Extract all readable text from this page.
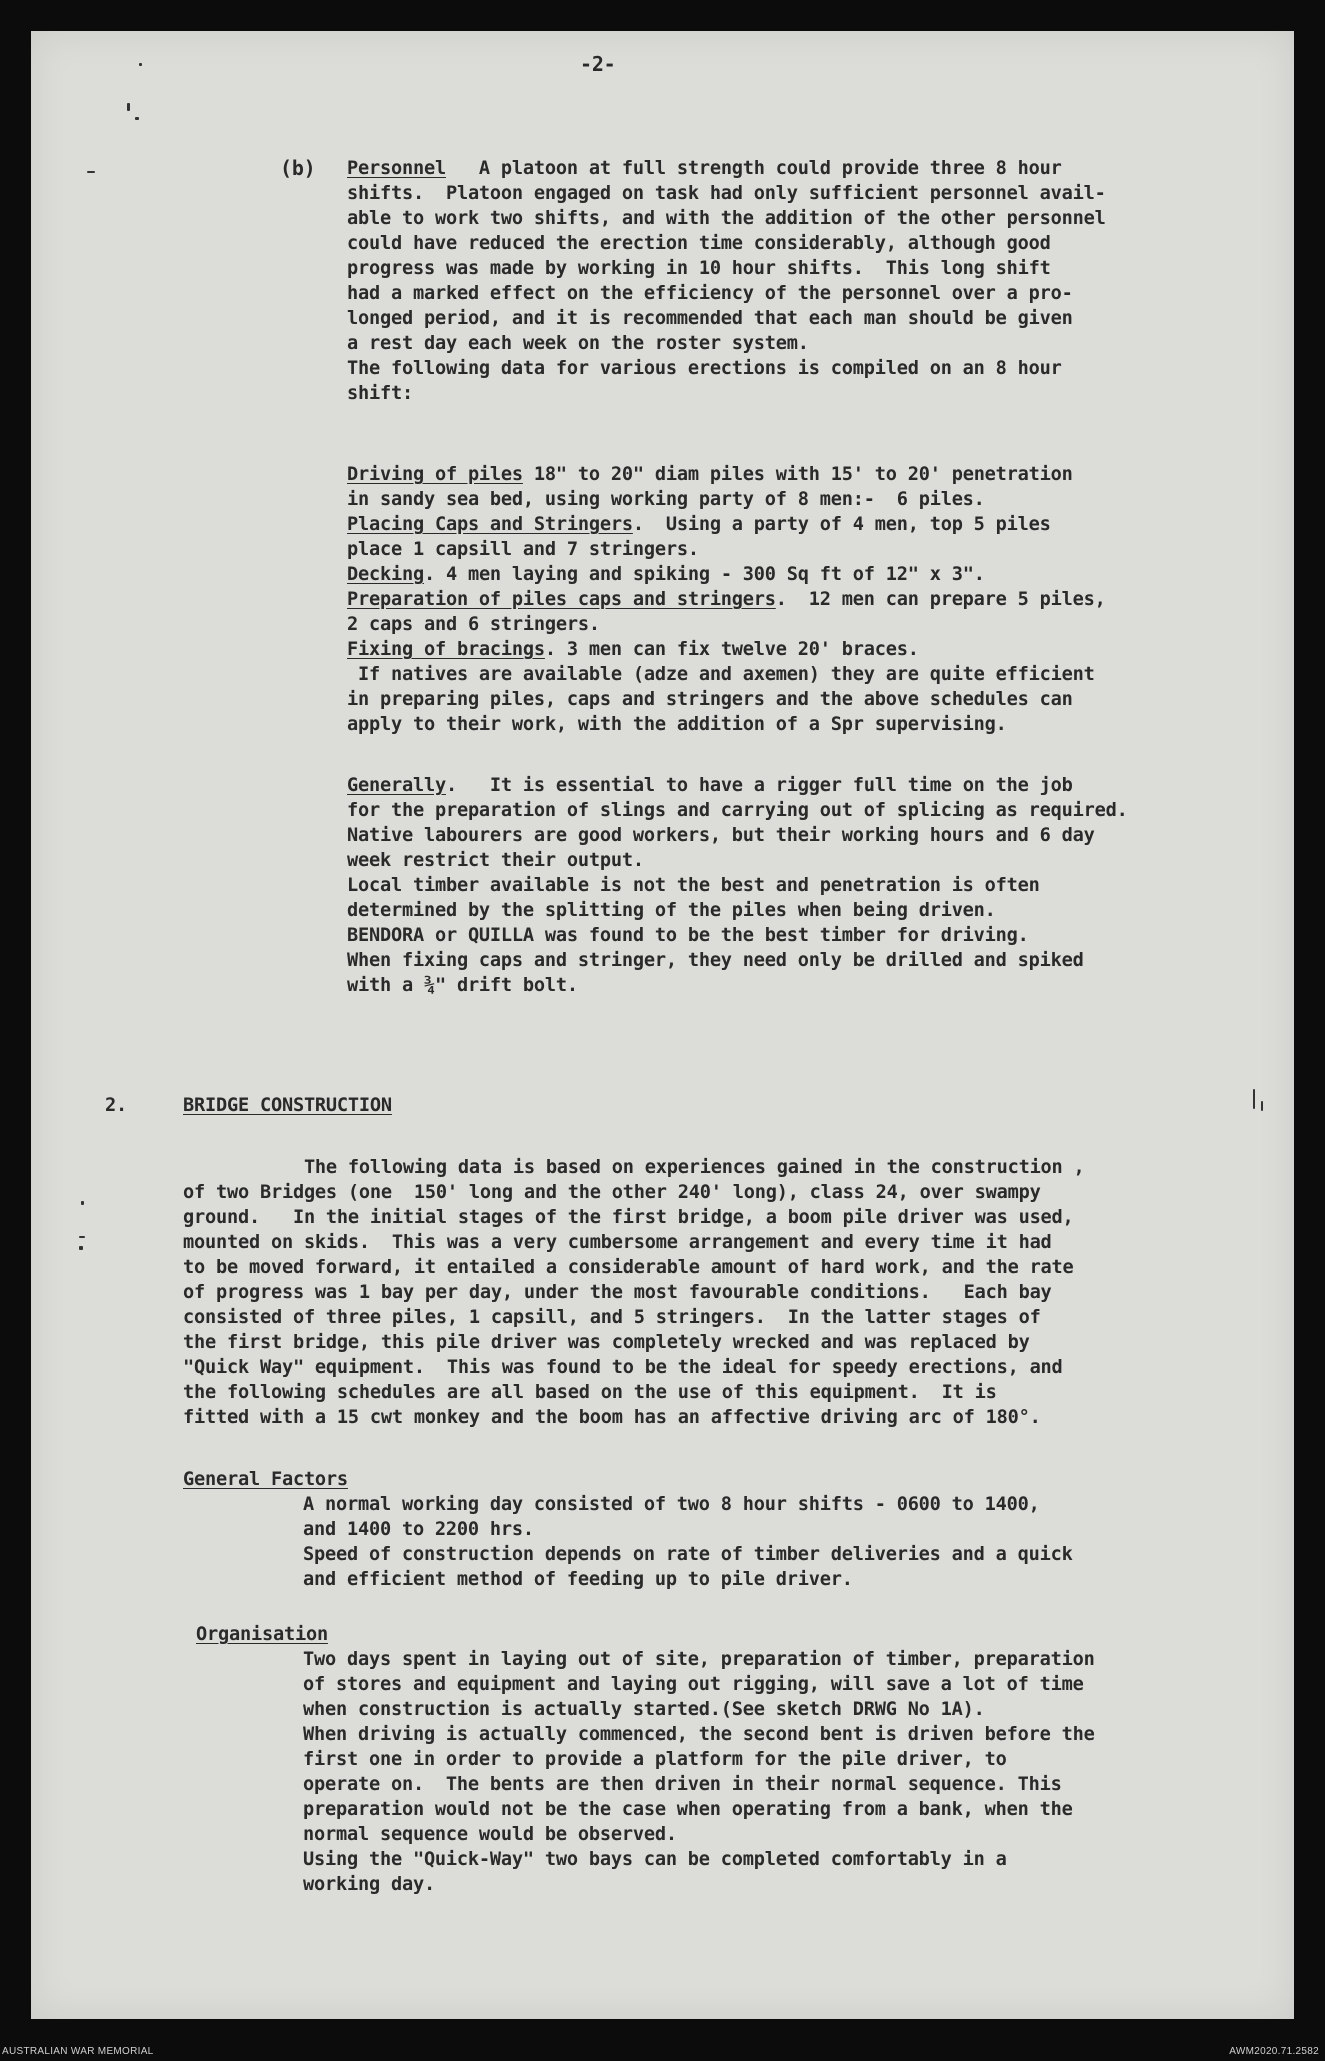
-2-
(b) Personnel   A platoon at full strength could provide three 8 hour
shifts.  Platoon engaged on task had only sufficient personnel avail-
able to work two shifts, and with the addition of the other personnel
could have reduced the erection time considerably, although good
progress was made by working in 10 hour shifts.  This long shift
had a marked effect on the efficiency of the personnel over a pro-
longed period, and it is recommended that each man should be given
a rest day each week on the roster system.
The following data for various erections is compiled on an 8 hour
shift:
Driving of piles 18" to 20" diam piles with 15' to 20' penetration
in sandy sea bed, using working party of 8 men:-  6 piles.
Placing Caps and Stringers.  Using a party of 4 men, top 5 piles
place 1 capsill and 7 stringers.
Decking. 4 men laying and spiking - 300 Sq ft of 12" x 3".
Preparation of piles caps and stringers.  12 men can prepare 5 piles,
2 caps and 6 stringers.
Fixing of bracings. 3 men can fix twelve 20' braces.
If natives are available (adze and axemen) they are quite efficient
in preparing piles, caps and stringers and the above schedules can
apply to their work, with the addition of a Spr supervising.
Generally.   It is essential to have a rigger full time on the job
for the preparation of slings and carrying out of splicing as required.
Native labourers are good workers, but their working hours and 6 day
week restrict their output.
Local timber available is not the best and penetration is often
determined by the splitting of the piles when being driven.
BENDORA or QUILLA was found to be the best timber for driving.
When fixing caps and stringer, they need only be drilled and spiked
with a ¾" drift bolt.
2.	BRIDGE CONSTRUCTION
The following data is based on experiences gained in the construction ,
of two Bridges (one  150' long and the other 240' long), class 24, over swampy
ground.   In the initial stages of the first bridge, a boom pile driver was used,
mounted on skids.  This was a very cumbersome arrangement and every time it had
to be moved forward, it entailed a considerable amount of hard work, and the rate
of progress was 1 bay per day, under the most favourable conditions.   Each bay
consisted of three piles, 1 capsill, and 5 stringers.  In the latter stages of
the first bridge, this pile driver was completely wrecked and was replaced by
"Quick Way" equipment.  This was found to be the ideal for speedy erections, and
the following schedules are all based on the use of this equipment.  It is
fitted with a 15 cwt monkey and the boom has an affective driving arc of 180°.
General Factors
A normal working day consisted of two 8 hour shifts - 0600 to 1400,
and 1400 to 2200 hrs.
Speed of construction depends on rate of timber deliveries and a quick
and efficient method of feeding up to pile driver.
Organisation
Two days spent in laying out of site, preparation of timber, preparation
of stores and equipment and laying out rigging, will save a lot of time
when construction is actually started.(See sketch DRWG No 1A).
When driving is actually commenced, the second bent is driven before the
first one in order to provide a platform for the pile driver, to
operate on.  The bents are then driven in their normal sequence. This
preparation would not be the case when operating from a bank, when the
normal sequence would be observed.
Using the "Quick-Way" two bays can be completed comfortably in a
working day.
AUSTRALIAN WAR MEMORIAL	AWM2020.71.2582
